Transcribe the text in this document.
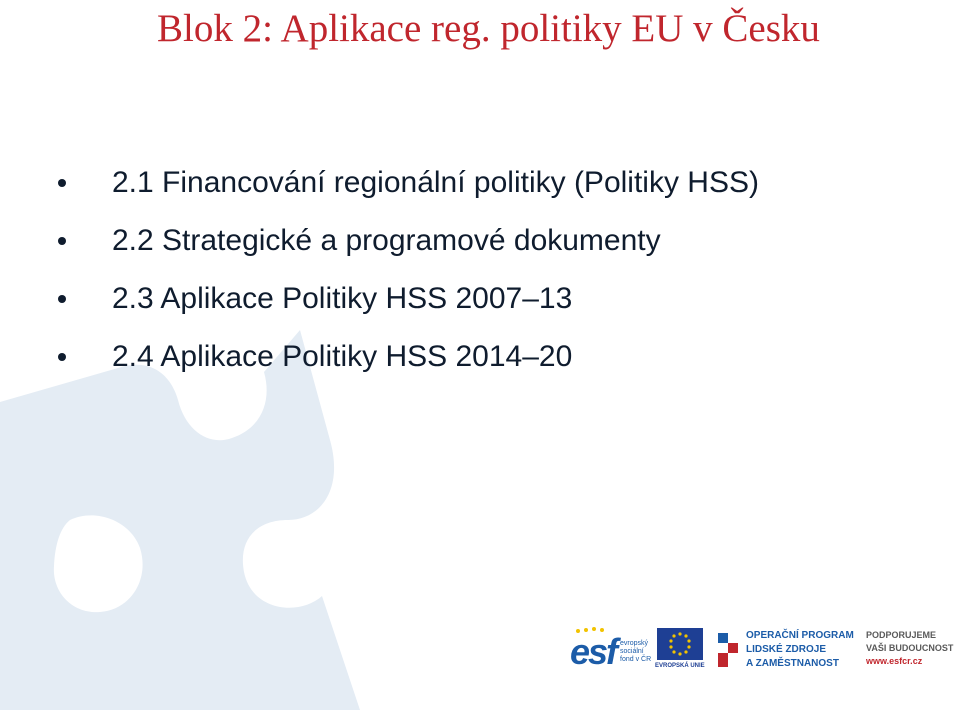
Blok 2: Aplikace reg. politiky EU v Česku
2.1 Financování regionální politiky (Politiky HSS)
2.2 Strategické a programové dokumenty
2.3 Aplikace Politiky HSS 2007–13
2.4 Aplikace Politiky HSS 2014–20
esf evropský
sociální
fond v ČR
EVROPSKÁ UNIE
OPERAČNÍ PROGRAM
LIDSKÉ ZDROJE
A ZAMĚSTNANOST
PODPORUJEME
VAŠI BUDOUCNOST
www.esfcr.cz
